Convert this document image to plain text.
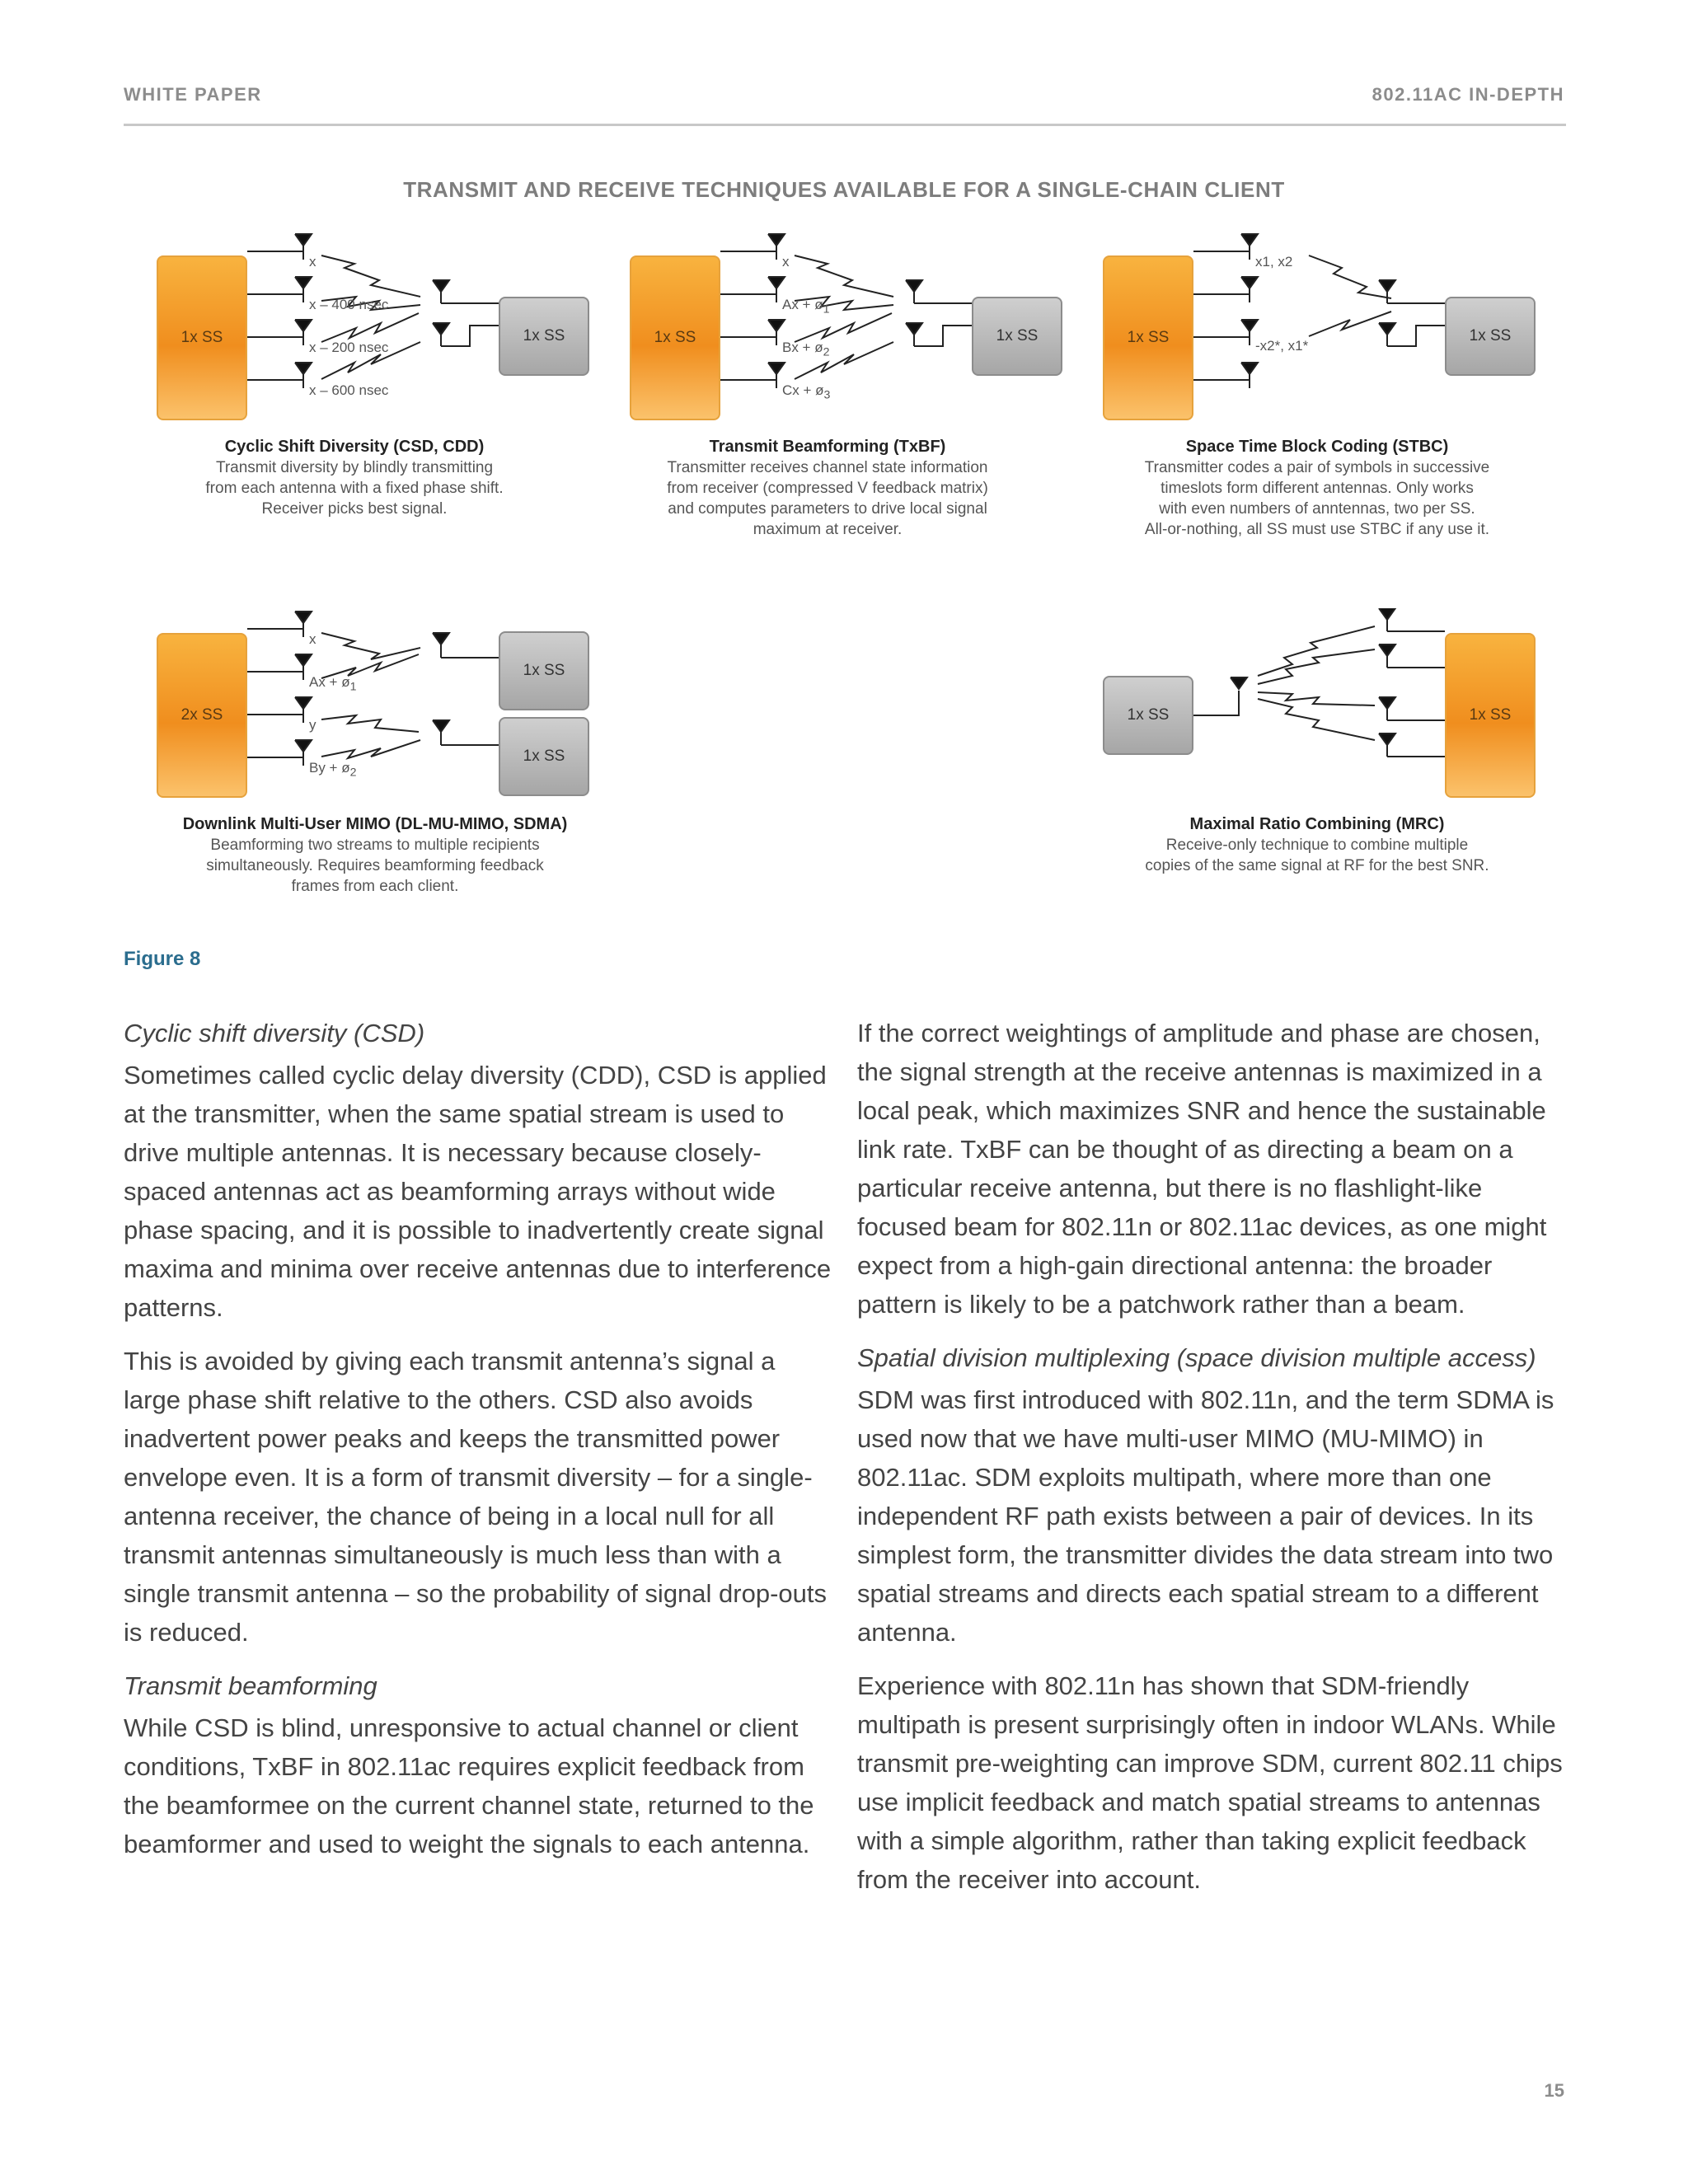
WHITE PAPER	802.11AC IN-DEPTH
TRANSMIT AND RECEIVE TECHNIQUES AVAILABLE FOR A SINGLE-CHAIN CLIENT
1x SS	1x SS
x
x – 400 nsec
x – 200 nsec
x – 600 nsec
Cyclic Shift Diversity (CSD, CDD)
Transmit diversity by blindly transmitting
from each antenna with a fixed phase shift.
Receiver picks best signal.
1x SS	1x SS
x
$Ax + ø_1$
$Bx + ø_2$
$Cx + ø_3$
Transmit Beamforming (TxBF)
Transmitter receives channel state information
from receiver (compressed V feedback matrix)
and computes parameters to drive local signal
maximum at receiver.
1x SS	1x SS
x1, x2
-x2*, x1*
Space Time Block Coding (STBC)
Transmitter codes a pair of symbols in successive
timeslots form different antennas. Only works
with even numbers of anntennas, two per SS.
All-or-nothing, all SS must use STBC if any use it.
2x SS
1x SS
1x SS
x
$Ax + ø_1$
y
$By + ø_2$
Downlink Multi-User MIMO (DL-MU-MIMO, SDMA)
Beamforming two streams to multiple recipients
simultaneously. Requires beamforming feedback
frames from each client.
1x SS	1x SS
Maximal Ratio Combining (MRC)
Receive-only technique to combine multiple
copies of the same signal at RF for the best SNR.
Figure 8

Cyclic shift diversity (CSD)

Sometimes called cyclic delay diversity (CDD), CSD is applied at the transmitter, when the same spatial stream is used to drive multiple antennas. It is necessary because closely-spaced antennas act as beamforming arrays without wide phase spacing, and it is possible to inadvertently create signal maxima and minima over receive antennas due to interference patterns.

This is avoided by giving each transmit antenna’s signal a large phase shift relative to the others. CSD also avoids inadvertent power peaks and keeps the transmitted power envelope even. It is a form of transmit diversity – for a single-antenna receiver, the chance of being in a local null for all transmit antennas simultaneously is much less than with a single transmit antenna – so the probability of signal drop-outs is reduced.

Transmit beamforming

While CSD is blind, unresponsive to actual channel or client conditions, TxBF in 802.11ac requires explicit feedback from the beamformee on the current channel state, returned to the beamformer and used to weight the signals to each antenna.

If the correct weightings of amplitude and phase are chosen, the signal strength at the receive antennas is maximized in a local peak, which maximizes SNR and hence the sustainable link rate. TxBF can be thought of as directing a beam on a particular receive antenna, but there is no flashlight-like focused beam for 802.11n or 802.11ac devices, as one might expect from a high-gain directional antenna: the broader pattern is likely to be a patchwork rather than a beam.

Spatial division multiplexing (space division multiple access)

SDM was first introduced with 802.11n, and the term SDMA is used now that we have multi-user MIMO (MU-MIMO) in 802.11ac. SDM exploits multipath, where more than one independent RF path exists between a pair of devices. In its simplest form, the transmitter divides the data stream into two spatial streams and directs each spatial stream to a different antenna.

Experience with 802.11n has shown that SDM-friendly multipath is present surprisingly often in indoor WLANs. While transmit pre-weighting can improve SDM, current 802.11 chips use implicit feedback and match spatial streams to antennas with a simple algorithm, rather than taking explicit feedback from the receiver into account.

15
